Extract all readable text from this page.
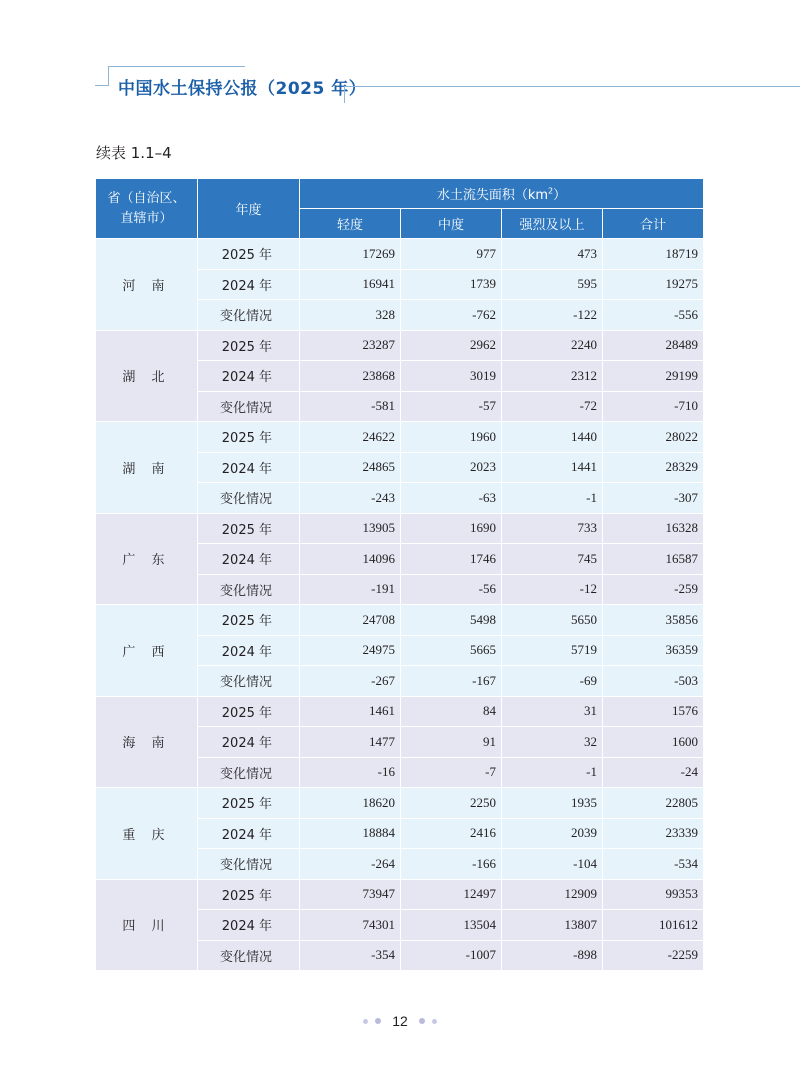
中国水土保持公报（2025 年）
续表 1.1–4
省（自治区、直辖市）	年度	水土流失面积$(km^2)$			
		轻度	中度	强烈及以上	合计
河 南	2025 年	17269	977	473	18719
	2024 年	16941	1739	595	19275
	变化情况	328	-762	-122	-556
湖 北	2025 年	23287	2962	2240	28489
	2024 年	23868	3019	2312	29199
	变化情况	-581	-57	-72	-710
湖 南	2025 年	24622	1960	1440	28022
	2024 年	24865	2023	1441	28329
	变化情况	-243	-63	-1	-307
广 东	2025 年	13905	1690	733	16328
	2024 年	14096	1746	745	16587
	变化情况	-191	-56	-12	-259
广 西	2025 年	24708	5498	5650	35856
	2024 年	24975	5665	5719	36359
	变化情况	-267	-167	-69	-503
海 南	2025 年	1461	84	31	1576
	2024 年	1477	91	32	1600
	变化情况	-16	-7	-1	-24
重 庆	2025 年	18620	2250	1935	22805
	2024 年	18884	2416	2039	23339
	变化情况	-264	-166	-104	-534
四 川	2025 年	73947	12497	12909	99353
	2024 年	74301	13504	13807	101612
	变化情况	-354	-1007	-898	-2259
12
